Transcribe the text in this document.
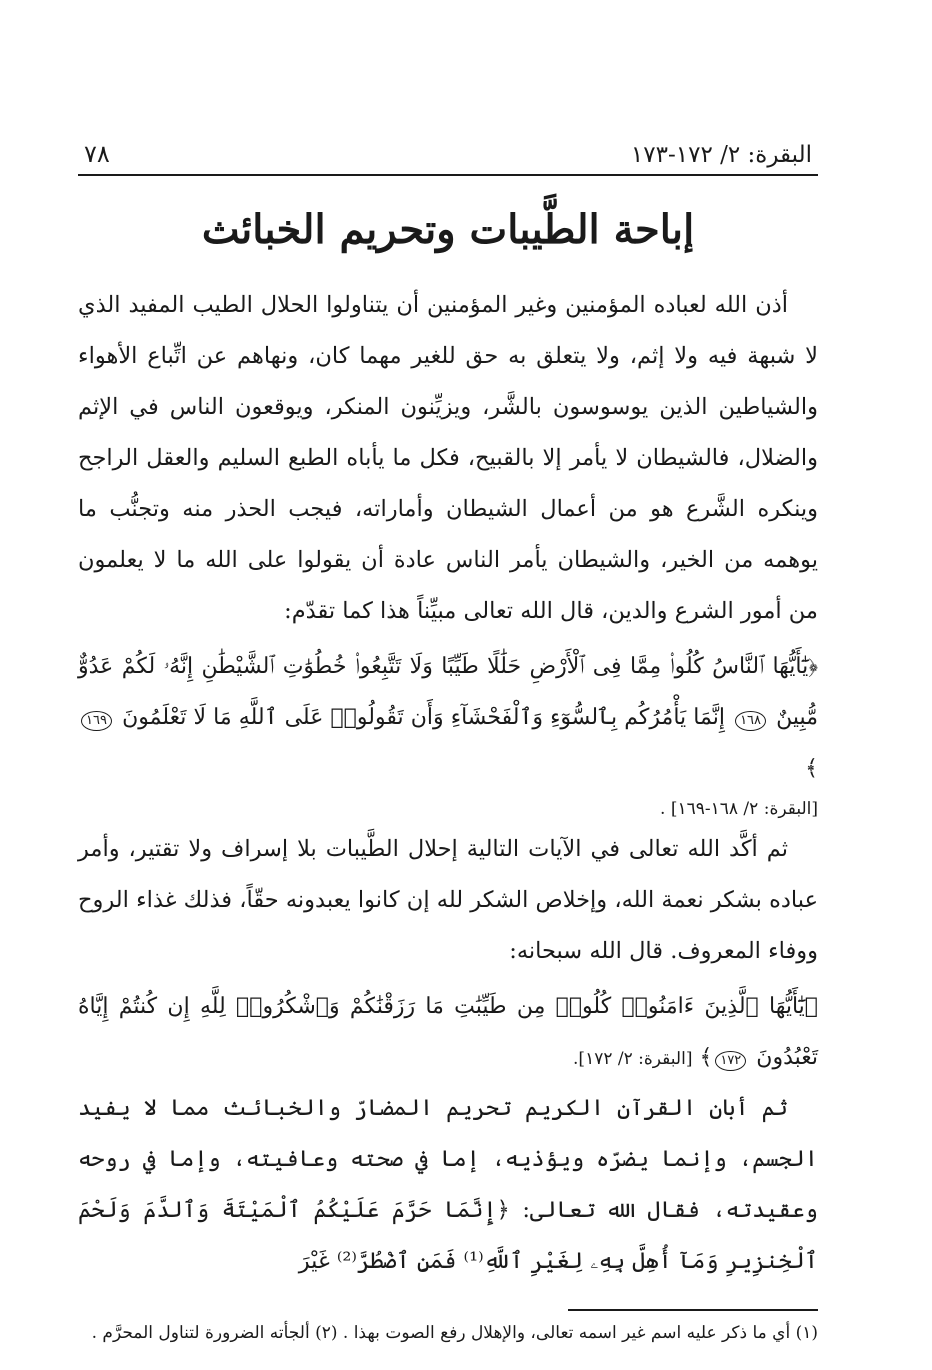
البقرة: ٢/ ١٧٢-١٧٣
٧٨
إباحة الطَّيبات وتحريم الخبائث

أذن الله لعباده المؤمنين وغير المؤمنين أن يتناولوا الحلال الطيب المفيد الذي لا شبهة فيه ولا إثم، ولا يتعلق به حق للغير مهما كان، ونهاهم عن اتِّباع الأهواء والشياطين الذين يوسوسون بالشَّر، ويزيِّنون المنكر، ويوقعون الناس في الإثم والضلال، فالشيطان لا يأمر إلا بالقبيح، فكل ما يأباه الطبع السليم والعقل الراجح وينكره الشَّرع هو من أعمال الشيطان وأماراته، فيجب الحذر منه وتجنُّب ما يوهمه من الخير، والشيطان يأمر الناس عادة أن يقولوا على الله ما لا يعلمون من أمور الشرع والدين، قال الله تعالى مبيِّناً هذا كما تقدّم:

﴿يَٰٓأَيُّهَا ٱلنَّاسُ كُلُوا۟ مِمَّا فِى ٱلْأَرْضِ حَلَٰلًا طَيِّبًا وَلَا تَتَّبِعُوا۟ خُطُوَٰتِ ٱلشَّيْطَٰنِ إِنَّهُۥ لَكُمْ عَدُوٌّ مُّبِينٌ ١٦٨ إِنَّمَا يَأْمُرُكُم بِٱلسُّوٓءِ وَٱلْفَحْشَآءِ وَأَن تَقُولُوا۟ عَلَى ٱللَّهِ مَا لَا تَعْلَمُونَ ١٦٩﴾

[البقرة: ٢/ ١٦٨-١٦٩] .

ثم أكَّد الله تعالى في الآيات التالية إحلال الطَّيبات بلا إسراف ولا تقتير، وأمر عباده بشكر نعمة الله، وإخلاص الشكر لله إن كانوا يعبدونه حقّاً، فذلك غذاء الروح ووفاء المعروف. قال الله سبحانه:

﴿يَٰٓأَيُّهَا ٱلَّذِينَ ءَامَنُوا۟ كُلُوا۟ مِن طَيِّبَٰتِ مَا رَزَقْنَٰكُمْ وَٱشْكُرُوا۟ لِلَّهِ إِن كُنتُمْ إِيَّاهُ تَعْبُدُونَ ١٧٢﴾ [البقرة: ٢/ ١٧٢].

ثم أبان القرآن الكريم تحريم المضارّ والخبائث مما لا يفيد الجسم، وإنما يضرّه ويؤذيه، إما في صحته وعافيته، وإما في روحه وعقيدته، فقال الله تعالى: ﴿إِنَّمَا حَرَّمَ عَلَيْكُمُ ٱلْمَيْتَةَ وَٱلدَّمَ وَلَحْمَ ٱلْخِنزِيرِ وَمَآ أُهِلَّ بِهِۦ لِغَيْرِ ٱللَّهِ⁽¹⁾ فَمَنِ ٱضْطُرَّ⁽²⁾ غَيْرَ

(١) أي ما ذكر عليه اسم غير اسمه تعالى، والإهلال رفع الصوت بهذا . (٢) ألجأته الضرورة لتناول المحرَّم .
